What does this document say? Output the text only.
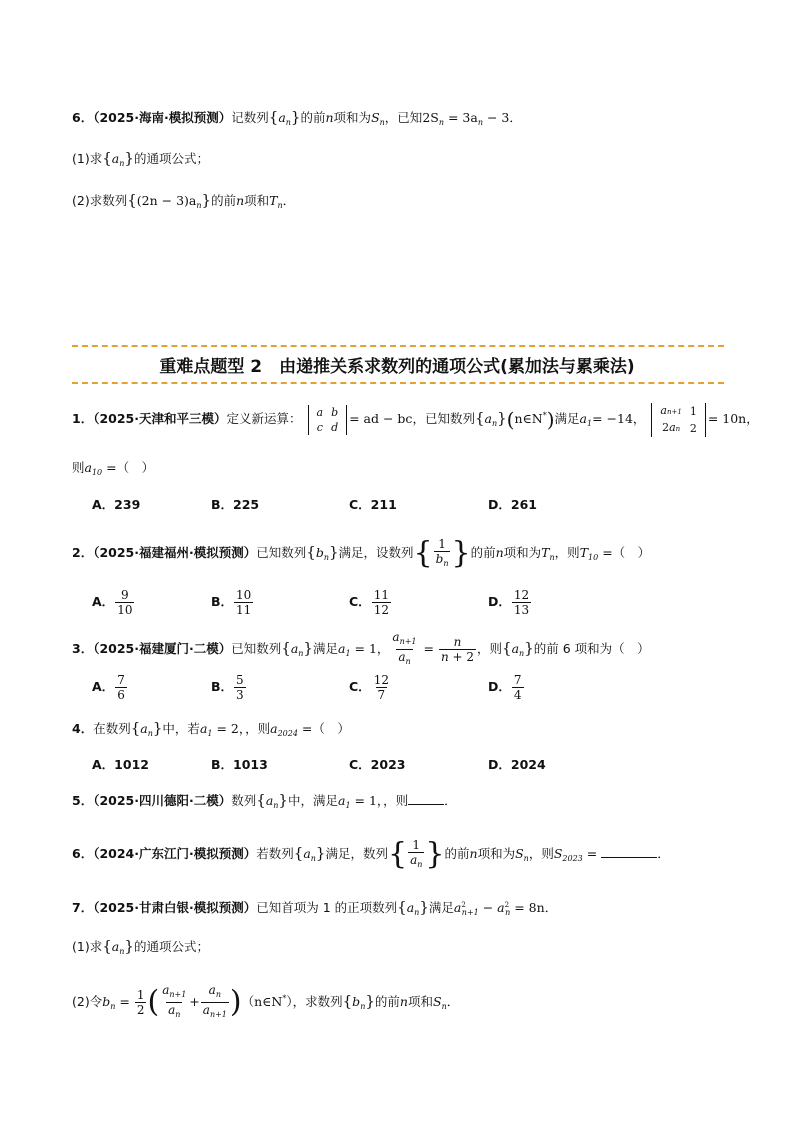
6．（2025·海南·模拟预测）记数列$\{a_n\}$的前n项和为$S_n$，已知$2S_n = 3a_n - 3$．
(1)求$\{a_n\}$的通项公式；
(2)求数列$\{(2n - 3)a_n\}$的前n项和$T_n$．
重难点题型 2　由递推关系求数列的通项公式(累加法与累乘法)
1．（2025·天津和平三模）定义新运算： a	b
c	d
= ad − bc，已知数列$\{a_n\}(n\in N^*)$满足$a_1= -14$，
an+1	1
2an	2
= 10n，
则$a_{10}$ =（　）
A．239	B．225	C．211	D．261
2．（2025·福建福州·模拟预测）已知数列$\{b_n\}$满足，设数列{ $\frac{1}{b_n}$ }的前n项和为$T_n$，则$T_{10}$ =（　）
A． $\frac{9}{10}$	B． $\frac{10}{11}$	C． $\frac{11}{12}$	D． $\frac{12}{13}$
3．（2025·福建厦门·二模）已知数列$\{a_n\}$满足$a_1 = 1$， $\frac{a_{n+1}}{a_n} = \frac{n}{n + 2}$ ，则$\{a_n\}$的前 6 项和为（　）
A． $\frac{7}{6}$	B． $\frac{5}{3}$	C． $\frac{12}{7}$	D． $\frac{7}{4}$
4．在数列$\{a_n\}$中，若$a_1 = 2$，，则$a_{2024}$ =（　）
A．1012	B．1013	C．2023	D．2024
5．（2025·四川德阳·二模）数列$\{a_n\}$中，满足$a_1 = 1$，，则	．
6．（2024·广东江门·模拟预测）若数列$\{a_n\}$满足，数列{ $\frac{1}{a_n}$ }的前n项和为$S_n$，则$S_{2023}$ =	．
7．（2025·甘肃白银·模拟预测）已知首项为 1 的正项数列$\{a_n\}$满足$a^2_{n+1} - a^2_n = 8n$．
(1)求$\{a_n\}$的通项公式；
(2)令$b_n = \frac{1}{2}$ ( $\frac{a_{n+1}}{a_n} + \frac{a_n}{a_{n+1}}$ )（n∈N*），求数列$\{b_n\}$的前n项和$S_n$．
